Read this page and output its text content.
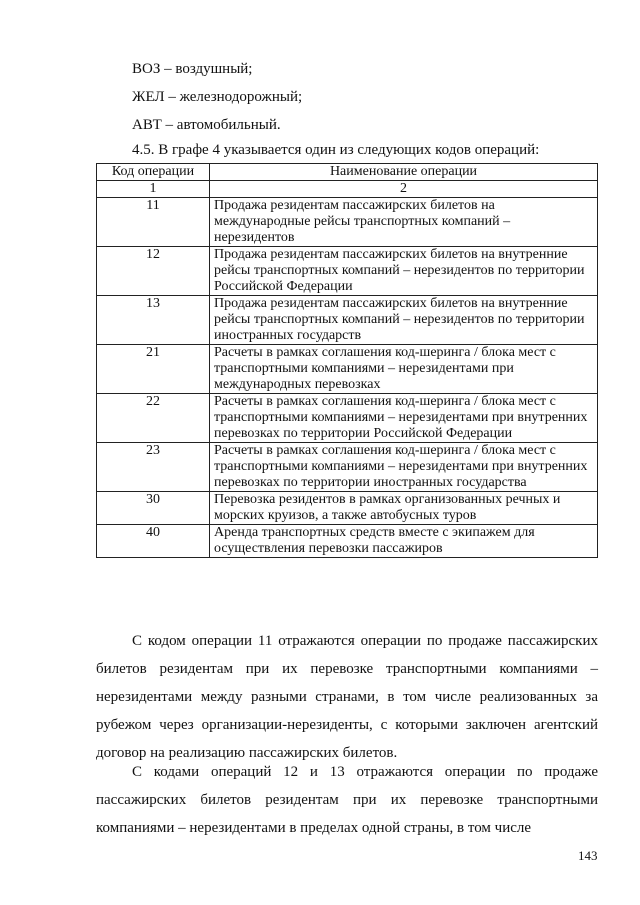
ВОЗ – воздушный;
ЖЕЛ – железнодорожный;
АВТ – автомобильный.
4.5. В графе 4 указывается один из следующих кодов операций:
Код операции	Наименование операции
1	2
11	Продажа резидентам пассажирских билетов на международные рейсы транспортных компаний – нерезидентов
12	Продажа резидентам пассажирских билетов на внутренние рейсы транспортных компаний – нерезидентов по территории Российской Федерации
13	Продажа резидентам пассажирских билетов на внутренние рейсы транспортных компаний – нерезидентов по территории иностранных государств
21	Расчеты в рамках соглашения код-шеринга / блока мест с транспортными компаниями – нерезидентами при международных перевозках
22	Расчеты в рамках соглашения код-шеринга / блока мест с транспортными компаниями – нерезидентами при внутренних перевозках по территории Российской Федерации
23	Расчеты в рамках соглашения код-шеринга / блока мест с транспортными компаниями – нерезидентами при внутренних перевозках по территории иностранных государства
30	Перевозка резидентов в рамках организованных речных и морских круизов, а также автобусных туров
40	Аренда транспортных средств вместе с экипажем для осуществления перевозки пассажиров

С кодом операции 11 отражаются операции по продаже пассажирских билетов резидентам при их перевозке транспортными компаниями – нерезидентами между разными странами, в том числе реализованных за рубежом через организации-нерезиденты, с которыми заключен агентский договор на реализацию пассажирских билетов.

С кодами операций 12 и 13 отражаются операции по продаже пассажирских билетов резидентам при их перевозке транспортными компаниями – нерезидентами в пределах одной страны, в том числе

143
